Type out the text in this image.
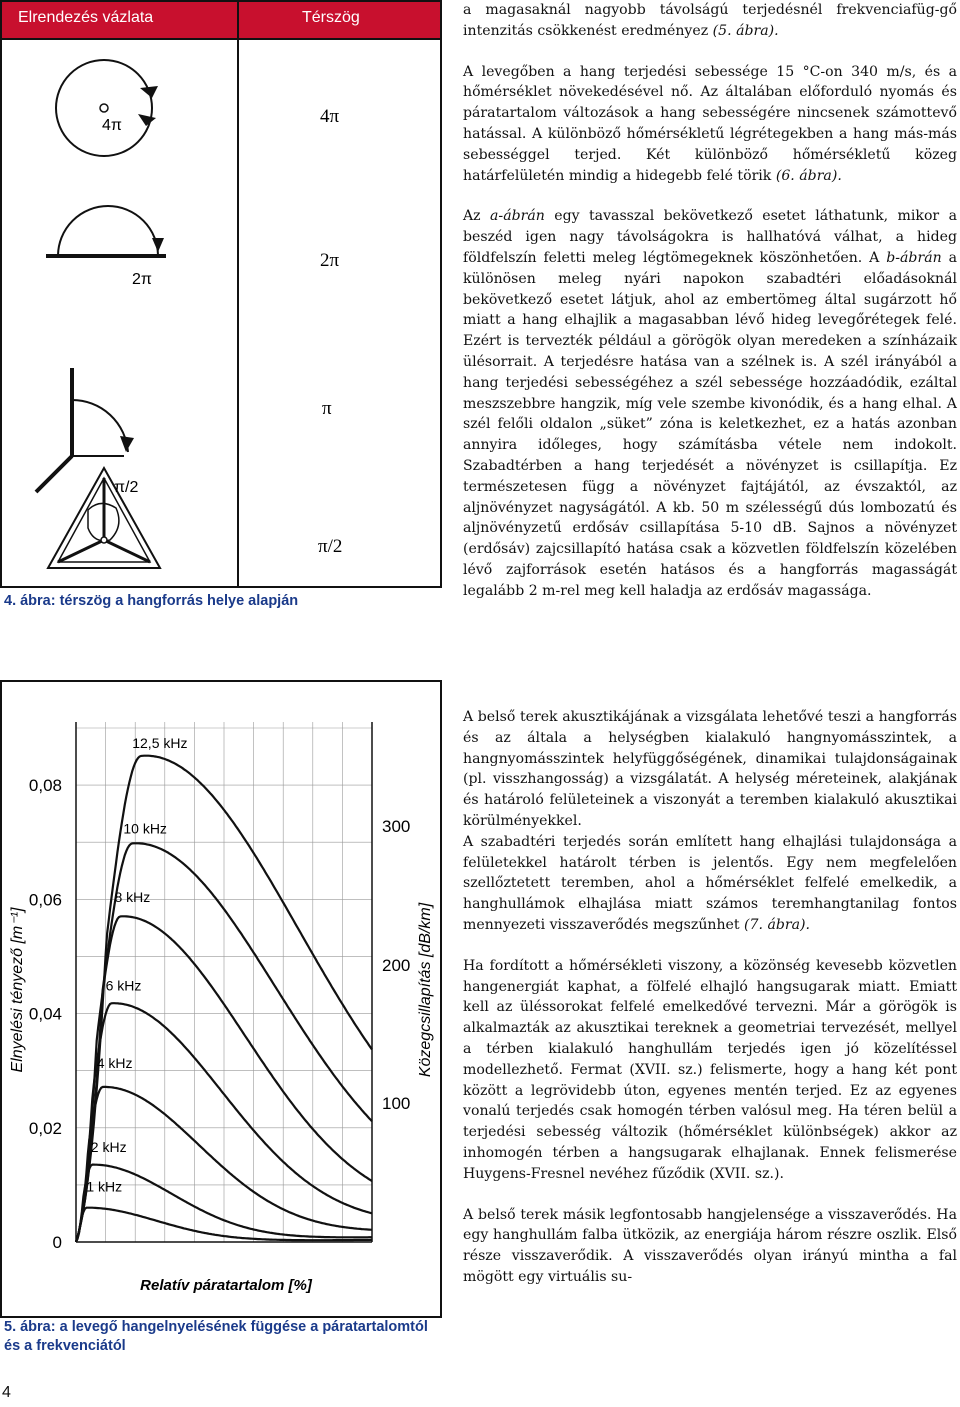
Elrendezés vázlata	Térszög
4π
2π
π/2
4π
2π
π
π/2
4. ábra: térszög a hangforrás helye alapján

a magasaknál nagyobb távolságú terjedésnél frekvenciafüg-gő intenzitás csökkenést eredményez (5. ábra).

A levegőben a hang terjedési sebessége 15 °C-on 340 m/s, és a hőmérséklet növekedésével nő. Az általában előforduló nyomás és páratartalom változások a hang sebességére nincsenek számottevő hatással. A különböző hőmérsékletű légrétegekben a hang más-más sebességgel terjed. Két különböző hőmérsékletű közeg határfelületén mindig a hidegebb felé törik (6. ábra).

Az a-ábrán egy tavasszal bekövetkező esetet láthatunk, mikor a beszéd igen nagy távolságokra is hallhatóvá válhat, a hideg földfelszín feletti meleg légtömegeknek köszönhetően. A b-ábrán a különösen meleg nyári napokon szabadtéri előadásoknál bekövetkező esetet látjuk, ahol az embertömeg által sugárzott hő miatt a hang elhajlik a magasabban lévő hideg levegőrétegek felé. Ezért is tervezték például a görögök olyan meredeken a színházaik ülésorrait. A terjedésre hatása van a szélnek is. A szél irányából a hang terjedési sebességéhez a szél sebessége hozzáadódik, ezáltal meszszebbre hangzik, míg vele szembe kivonódik, és a hang elhal. A szél felőli oldalon „süket” zóna is keletkezhet, ez a hatás azonban annyira időleges, hogy számításba vétele nem indokolt. Szabadtérben a hang terjedését a növényzet is csillapítja. Ez természetesen függ a növényzet fajtájától, az évszaktól, az aljnövényzet nagyságától. A kb. 50 m szélességű dús lombozatú és aljnövényzetű erdősáv csillapítása 5-10 dB. Sajnos a növényzet (erdősáv) zajcsillapító hatása csak a közvetlen földfelszín közelében lévő zajforrások esetén hatásos és a hangforrás magasságát legalább 2 m-rel meg kell haladja az erdősáv magassága.

A belső terek akusztikájának a vizsgálata lehetővé teszi a hangforrás és az általa a helységben kialakuló hangnyomásszintek, a hangnyomásszintek helyfüggőségének, dinamikai tulajdonságainak (pl. visszhangosság) a vizsgálatát. A helység méreteinek, alakjának és határoló felületeinek a viszonyát a teremben kialakuló akusztikai körülményekkel.

A szabadtéri terjedés során említett hang elhajlási tulajdonsága a felületekkel határolt térben is jelentős. Egy nem megfelelően szellőztetett teremben, ahol a hőmérséklet felfelé emelkedik, a hanghullámok elhajlása miatt számos teremhangtanilag fontos mennyezeti visszaverődés megszűnhet (7. ábra).

Ha fordított a hőmérsékleti viszony, a közönség kevesebb közvetlen hangenergiát kaphat, a fölfelé elhajló hangsugarak miatt. Emiatt kell az üléssorokat felfelé emelkedővé tervezni. Már a görögök is alkalmazták az akusztikai tereknek a geometriai tervezését, mellyel a térben kialakuló hanghullám terjedés igen jó közelítéssel modellezhető. Fermat (XVII. sz.) felismerte, hogy a hang két pont között a legrövidebb úton, egyenes mentén terjed. Ez az egyenes vonalú terjedés csak homogén térben valósul meg. Ha téren belül a terjedési sebesség változik (hőmérséklet különbségek) akkor az inhomogén térben a hangsugarak elhajlanak. Ennek felismerése Huygens-Fresnel nevéhez fűződik (XVII. sz.).

A belső terek másik legfontosabb hangjelensége a visszaverődés. Ha egy hanghullám falba ütközik, az energiája három részre oszlik. Első része visszaverődik. A visszaverődés olyan irányú mintha a fal mögött egy virtuális su-

12,5 kHz
10 kHz
8 kHz
6 kHz
4 kHz
2 kHz
1 kHz
0,08
0,06
0,04
0,02
0
300
200
100
Elnyelési tényező [m⁻¹]	Közegcsillapítás [dB/km]
Relatív páratartalom [%]
5. ábra: a levegő hangelnyelésének függése a páratartalomtól és a frekvenciától
4
